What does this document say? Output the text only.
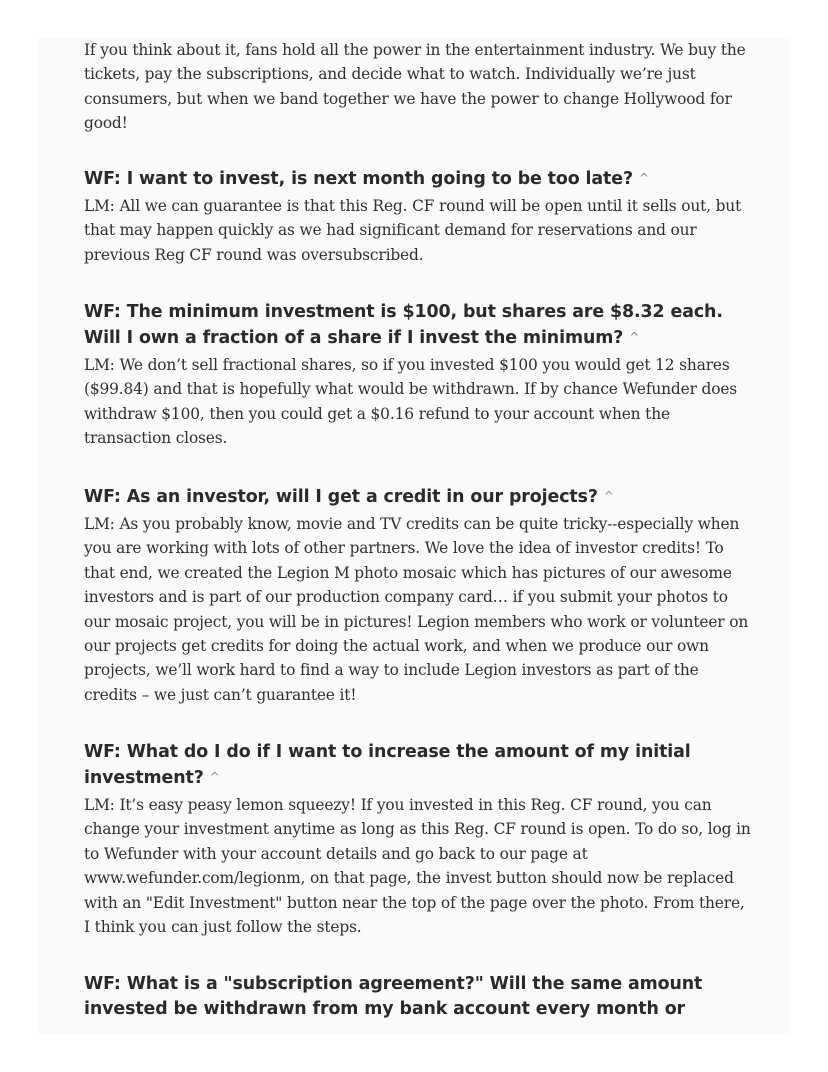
If you think about it, fans hold all the power in the entertainment industry. We buy the tickets, pay the subscriptions, and decide what to watch. Individually we’re just consumers, but when we band together we have the power to change Hollywood for good!

WF: I want to invest, is next month going to be too late? ^

LM: All we can guarantee is that this Reg. CF round will be open until it sells out, but that may happen quickly as we had significant demand for reservations and our previous Reg CF round was oversubscribed.

WF: The minimum investment is $100, but shares are $8.32 each. Will I own a fraction of a share if I invest the minimum? ^

LM: We don’t sell fractional shares, so if you invested $100 you would get 12 shares ($99.84) and that is hopefully what would be withdrawn. If by chance Wefunder does withdraw $100, then you could get a $0.16 refund to your account when the transaction closes.

WF: As an investor, will I get a credit in our projects? ^

LM: As you probably know, movie and TV credits can be quite tricky--especially when you are working with lots of other partners. We love the idea of investor credits! To that end, we created the Legion M photo mosaic which has pictures of our awesome investors and is part of our production company card… if you submit your photos to our mosaic project, you will be in pictures! Legion members who work or volunteer on our projects get credits for doing the actual work, and when we produce our own projects, we’ll work hard to find a way to include Legion investors as part of the credits – we just can’t guarantee it!

WF: What do I do if I want to increase the amount of my initial investment? ^

LM: It’s easy peasy lemon squeezy! If you invested in this Reg. CF round, you can change your investment anytime as long as this Reg. CF round is open. To do so, log in to Wefunder with your account details and go back to our page at www.wefunder.com/legionm, on that page, the invest button should now be replaced with an "Edit Investment" button near the top of the page over the photo. From there, I think you can just follow the steps.

WF: What is a "subscription agreement?" Will the same amount invested be withdrawn from my bank account every month or
